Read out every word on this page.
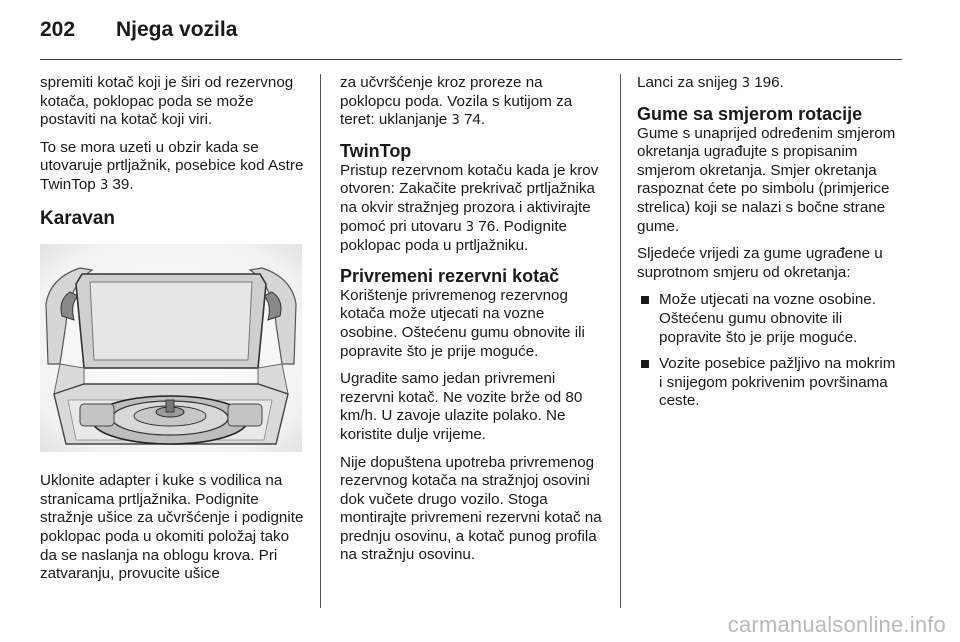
202	Njega vozila

spremiti kotač koji je širi od rezervnog kotača, poklopac poda se može postaviti na kotač koji viri.

To se mora uzeti u obzir kada se utovaruje prtljažnik, posebice kod Astre TwinTop 3 39.

Karavan

Uklonite adapter i kuke s vodilica na stranicama prtljažnika. Podignite stražnje ušice za učvršćenje i podignite poklopac poda u okomiti položaj tako da se naslanja na oblogu krova. Pri zatvaranju, provucite ušice

za učvršćenje kroz proreze na poklopcu poda. Vozila s kutijom za teret: uklanjanje 3 74.

TwinTop

Pristup rezervnom kotaču kada je krov otvoren: Zakačite prekrivač prtljažnika na okvir stražnjeg prozora i aktivirajte pomoć pri utovaru 3 76. Podignite poklopac poda u prtljažniku.

Privremeni rezervni kotač

Korištenje privremenog rezervnog kotača može utjecati na vozne osobine. Oštećenu gumu obnovite ili popravite što je prije moguće.

Ugradite samo jedan privremeni rezervni kotač. Ne vozite brže od 80 km/h. U zavoje ulazite polako. Ne koristite dulje vrijeme.

Nije dopuštena upotreba privremenog rezervnog kotača na stražnjoj osovini dok vučete drugo vozilo. Stoga montirajte privremeni rezervni kotač na prednju osovinu, a kotač punog profila na stražnju osovinu.

Lanci za snijeg 3 196.

Gume sa smjerom rotacije

Gume s unaprijed određenim smjerom okretanja ugrađujte s propisanim smjerom okretanja. Smjer okretanja raspoznat ćete po simbolu (primjerice strelica) koji se nalazi s bočne strane gume.

Sljedeće vrijedi za gume ugrađene u suprotnom smjeru od okretanja:

Može utjecati na vozne osobine. Oštećenu gumu obnovite ili popravite što je prije moguće.
Vozite posebice pažljivo na mokrim i snijegom pokrivenim površinama ceste.
carmanualsonline.info
